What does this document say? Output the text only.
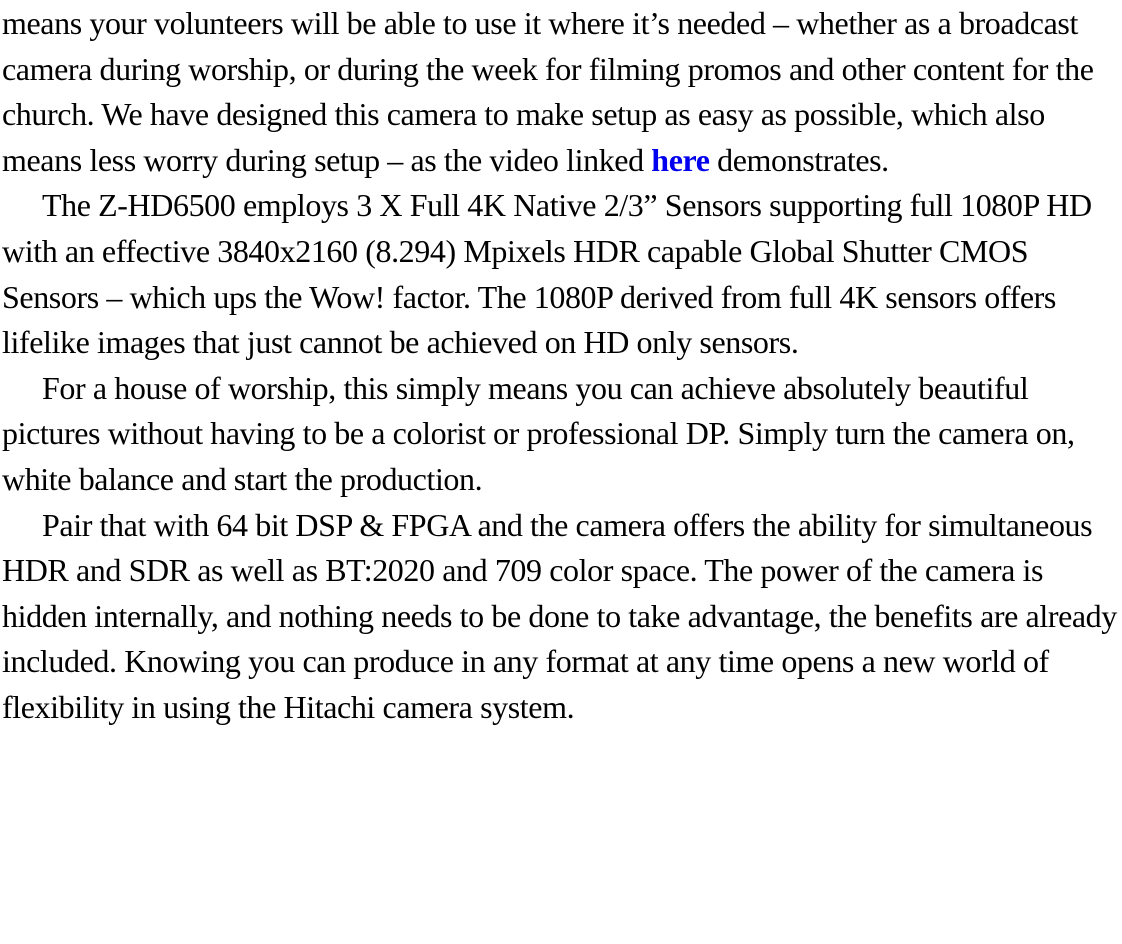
means your volunteers will be able to use it where it’s needed – whether as a broadcast camera during worship, or during the week for filming promos and other content for the church. We have designed this camera to make setup as easy as possible, which also means less worry during setup – as the video linked here demonstrates.

The Z-HD6500 employs 3 X Full 4K Native 2/3” Sensors supporting full 1080P HD with an effective 3840x2160 (8.294) Mpixels HDR capable Global Shutter CMOS Sensors – which ups the Wow! factor. The 1080P derived from full 4K sensors offers lifelike images that just cannot be achieved on HD only sensors.

For a house of worship, this simply means you can achieve absolutely beautiful pictures without having to be a colorist or professional DP. Simply turn the camera on, white balance and start the production.

Pair that with 64 bit DSP & FPGA and the camera offers the ability for simultaneous HDR and SDR as well as BT:2020 and 709 color space. The power of the camera is hidden internally, and nothing needs to be done to take advantage, the benefits are already included. Knowing you can produce in any format at any time opens a new world of flexibility in using the Hitachi camera system.
